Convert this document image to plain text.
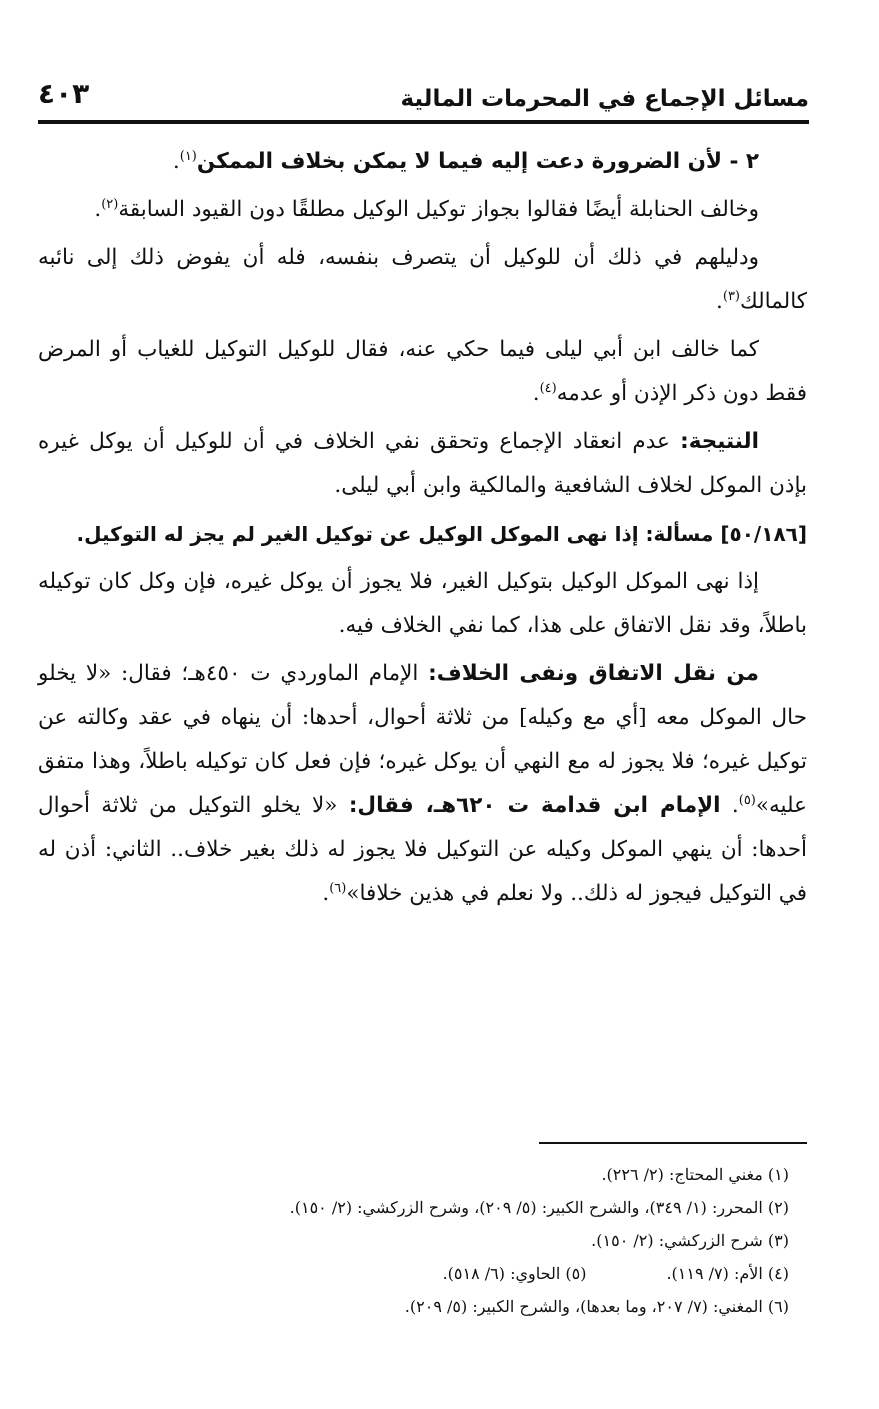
مسائل الإجماع في المحرمات المالية
٤٠٣

٢ - لأن الضرورة دعت إليه فيما لا يمكن بخلاف الممكن$^{(١)}$.

وخالف الحنابلة أيضًا فقالوا بجواز توكيل الوكيل مطلقًا دون القيود السابقة$^{(٢)}$.

ودليلهم في ذلك أن للوكيل أن يتصرف بنفسه، فله أن يفوض ذلك إلى نائبه كالمالك$^{(٣)}$.

كما خالف ابن أبي ليلى فيما حكي عنه، فقال للوكيل التوكيل للغياب أو المرض فقط دون ذكر الإذن أو عدمه$^{(٤)}$.

النتيجة: عدم انعقاد الإجماع وتحقق نفي الخلاف في أن للوكيل أن يوكل غيره بإذن الموكل لخلاف الشافعية والمالكية وابن أبي ليلى.

[٥٠/١٨٦] مسألة: إذا نهى الموكل الوكيل عن توكيل الغير لم يجز له التوكيل.

إذا نهى الموكل الوكيل بتوكيل الغير، فلا يجوز أن يوكل غيره، فإن وكل كان توكيله باطلاً، وقد نقل الاتفاق على هذا، كما نفي الخلاف فيه.

من نقل الاتفاق ونفى الخلاف: الإمام الماوردي ت ٤٥٠هـ؛ فقال: «لا يخلو حال الموكل معه [أي مع وكيله] من ثلاثة أحوال، أحدها: أن ينهاه في عقد وكالته عن توكيل غيره؛ فلا يجوز له مع النهي أن يوكل غيره؛ فإن فعل كان توكيله باطلاً، وهذا متفق عليه»$^{(٥)}$. الإمام ابن قدامة ت ٦٢٠هـ، فقال: «لا يخلو التوكيل من ثلاثة أحوال أحدها: أن ينهي الموكل وكيله عن التوكيل فلا يجوز له ذلك بغير خلاف.. الثاني: أذن له في التوكيل فيجوز له ذلك.. ولا نعلم في هذين خلافا»$^{(٦)}$.

(١) مغني المحتاج: (٢/ ٢٢٦).
(٢) المحرر: (١/ ٣٤٩)، والشرح الكبير: (٥/ ٢٠٩)، وشرح الزركشي: (٢/ ١٥٠).
(٣) شرح الزركشي: (٢/ ١٥٠).
(٤) الأم: (٧/ ١١٩).
(٥) الحاوي: (٦/ ٥١٨).
(٦) المغني: (٧/ ٢٠٧، وما بعدها)، والشرح الكبير: (٥/ ٢٠٩).
